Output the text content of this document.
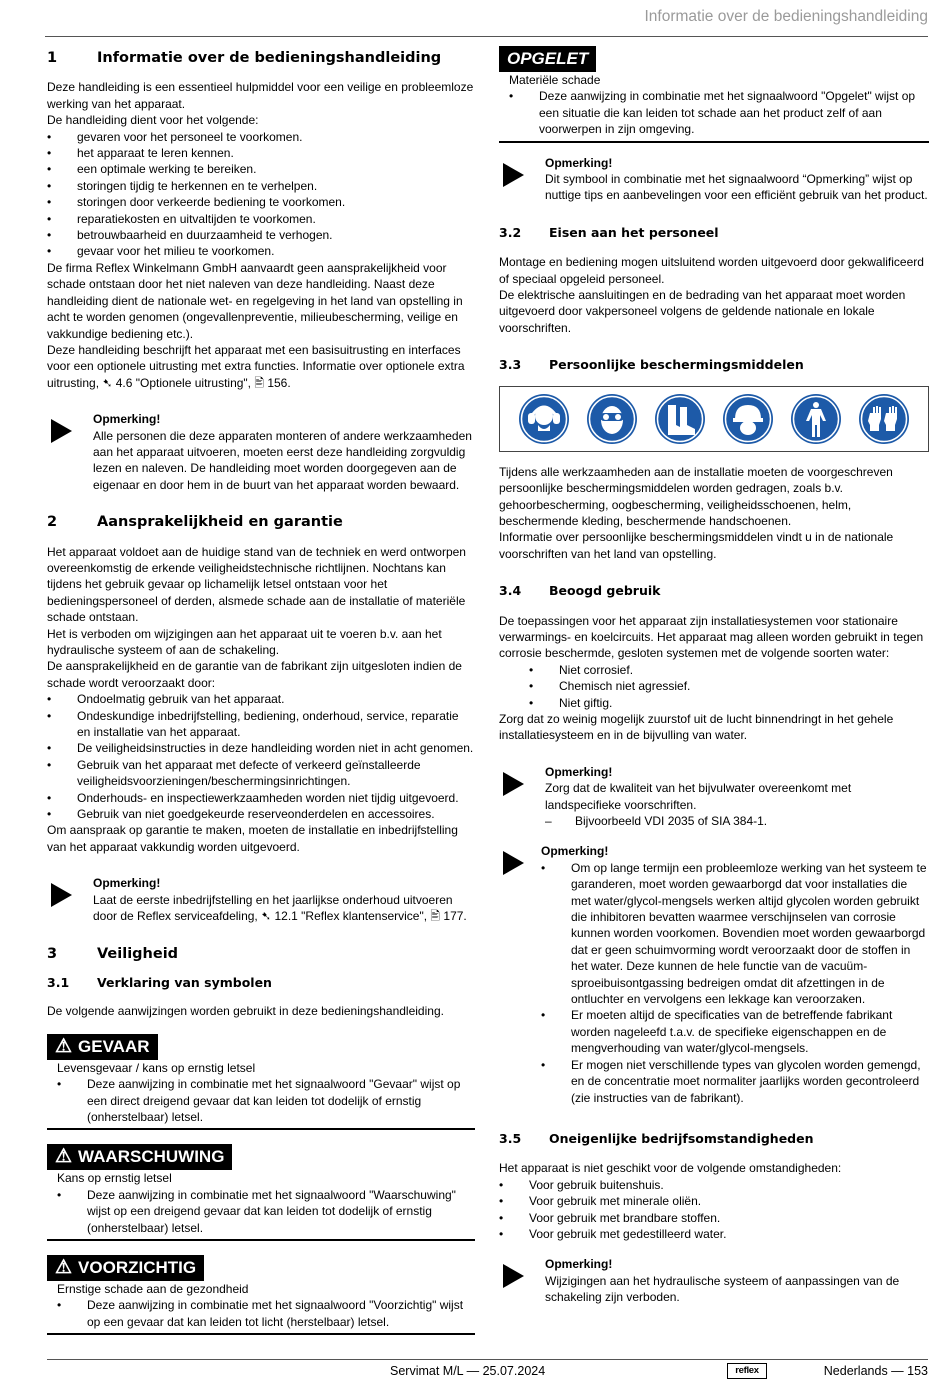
Informatie over de bedieningshandleiding
1	Informatie over de bedieningshandleiding

Deze handleiding is een essentieel hulpmiddel voor een veilige en probleemloze werking van het apparaat.

De handleiding dient voor het volgende:

• gevaren voor het personeel te voorkomen.
• het apparaat te leren kennen.
• een optimale werking te bereiken.
• storingen tijdig te herkennen en te verhelpen.
• storingen door verkeerde bediening te voorkomen.
• reparatiekosten en uitvaltijden te voorkomen.
• betrouwbaarheid en duurzaamheid te verhogen.
• gevaar voor het milieu te voorkomen.

De firma Reflex Winkelmann GmbH aanvaardt geen aansprakelijkheid voor schade ontstaan door het niet naleven van deze handleiding. Naast deze handleiding dient de nationale wet- en regelgeving in het land van opstelling in acht te worden genomen (ongevallenpreventie, milieubescherming, veilige en vakkundige bediening etc.).

Deze handleiding beschrijft het apparaat met een basisuitrusting en interfaces voor een optionele uitrusting met extra functies. Informatie over optionele extra uitrusting, ➷ 4.6 "Optionele uitrusting", 🖹 156.

Opmerking!
Alle personen die deze apparaten monteren of andere werkzaamheden aan het apparaat uitvoeren, moeten eerst deze handleiding zorgvuldig lezen en naleven. De handleiding moet worden doorgegeven aan de eigenaar en door hem in de buurt van het apparaat worden bewaard.
2	Aansprakelijkheid en garantie

Het apparaat voldoet aan de huidige stand van de techniek en werd ontworpen overeenkomstig de erkende veiligheidstechnische richtlijnen. Nochtans kan tijdens het gebruik gevaar op lichamelijk letsel ontstaan voor het bedieningspersoneel of derden, alsmede schade aan de installatie of materiële schade ontstaan.

Het is verboden om wijzigingen aan het apparaat uit te voeren b.v. aan het hydraulische systeem of aan de schakeling.

De aansprakelijkheid en de garantie van de fabrikant zijn uitgesloten indien de schade wordt veroorzaakt door:

• Ondoelmatig gebruik van het apparaat.
• Ondeskundige inbedrijfstelling, bediening, onderhoud, service, reparatie en installatie van het apparaat.
• De veiligheidsinstructies in deze handleiding worden niet in acht genomen.
• Gebruik van het apparaat met defecte of verkeerd geïnstalleerde veiligheidsvoorzieningen/beschermingsinrichtingen.
• Onderhouds- en inspectiewerkzaamheden worden niet tijdig uitgevoerd.
• Gebruik van niet goedgekeurde reserveonderdelen en accessoires.

Om aanspraak op garantie te maken, moeten de installatie en inbedrijfstelling van het apparaat vakkundig worden uitgevoerd.

Opmerking!
Laat de eerste inbedrijfstelling en het jaarlijkse onderhoud uitvoeren door de Reflex serviceafdeling, ➷ 12.1 "Reflex klantenservice", 🖹 177.
3	Veiligheid
3.1	Verklaring van symbolen

De volgende aanwijzingen worden gebruikt in deze bedieningshandleiding.

⚠ GEVAAR
Levensgevaar / kans op ernstig letsel
• Deze aanwijzing in combinatie met het signaalwoord "Gevaar" wijst op een direct dreigend gevaar dat kan leiden tot dodelijk of ernstig (onherstelbaar) letsel.
⚠ WAARSCHUWING
Kans op ernstig letsel
• Deze aanwijzing in combinatie met het signaalwoord "Waarschuwing" wijst op een dreigend gevaar dat kan leiden tot dodelijk of ernstig (onherstelbaar) letsel.
⚠ VOORZICHTIG
Ernstige schade aan de gezondheid
• Deze aanwijzing in combinatie met het signaalwoord "Voorzichtig" wijst op een gevaar dat kan leiden tot licht (herstelbaar) letsel.
OPGELET
Materiële schade
• Deze aanwijzing in combinatie met het signaalwoord "Opgelet" wijst op een situatie die kan leiden tot schade aan het product zelf of aan voorwerpen in zijn omgeving.
Opmerking!
Dit symbool in combinatie met het signaalwoord “Opmerking” wijst op nuttige tips en aanbevelingen voor een efficiënt gebruik van het product.
3.2	Eisen aan het personeel

Montage en bediening mogen uitsluitend worden uitgevoerd door gekwalificeerd of speciaal opgeleid personeel.

De elektrische aansluitingen en de bedrading van het apparaat moet worden uitgevoerd door vakpersoneel volgens de geldende nationale en lokale voorschriften.

3.3	Persoonlijke beschermingsmiddelen

Tijdens alle werkzaamheden aan de installatie moeten de voorgeschreven persoonlijke beschermingsmiddelen worden gedragen, zoals b.v. gehoorbescherming, oogbescherming, veiligheidsschoenen, helm, beschermende kleding, beschermende handschoenen.

Informatie over persoonlijke beschermingsmiddelen vindt u in de nationale voorschriften van het land van opstelling.

3.4	Beoogd gebruik

De toepassingen voor het apparaat zijn installatiesystemen voor stationaire verwarmings- en koelcircuits. Het apparaat mag alleen worden gebruikt in tegen corrosie beschermde, gesloten systemen met de volgende soorten water:

• Niet corrosief.
• Chemisch niet agressief.
• Niet giftig.

Zorg dat zo weinig mogelijk zuurstof uit de lucht binnendringt in het gehele installatiesysteem en in de bijvulling van water.

Opmerking!
Zorg dat de kwaliteit van het bijvulwater overeenkomt met landspecifieke voorschriften.
– Bijvoorbeeld VDI 2035 of SIA 384-1.
Opmerking!
• Om op lange termijn een probleemloze werking van het systeem te garanderen, moet worden gewaarborgd dat voor installaties die met water/glycol-mengsels werken altijd glycolen worden gebruikt die inhibitoren bevatten waarmee verschijnselen van corrosie kunnen worden voorkomen. Bovendien moet worden gewaarborgd dat er geen schuimvorming wordt veroorzaakt door de stoffen in het water. Deze kunnen de hele functie van de vacuüm-sproeibuisontgassing bedreigen omdat dit afzettingen in de ontluchter en vervolgens een lekkage kan veroorzaken.
• Er moeten altijd de specificaties van de betreffende fabrikant worden nageleefd t.a.v. de specifieke eigenschappen en de mengverhouding van water/glycol-mengsels.
• Er mogen niet verschillende types van glycolen worden gemengd, en de concentratie moet normaliter jaarlijks worden gecontroleerd (zie instructies van de fabrikant).
3.5	Oneigenlijke bedrijfsomstandigheden

Het apparaat is niet geschikt voor de volgende omstandigheden:

• Voor gebruik buitenshuis.
• Voor gebruik met minerale oliën.
• Voor gebruik met brandbare stoffen.
• Voor gebruik met gedestilleerd water.
Opmerking!
Wijzigingen aan het hydraulische systeem of aanpassingen van de schakeling zijn verboden.
Servimat M/L — 25.07.2024	reflex	Nederlands — 153
